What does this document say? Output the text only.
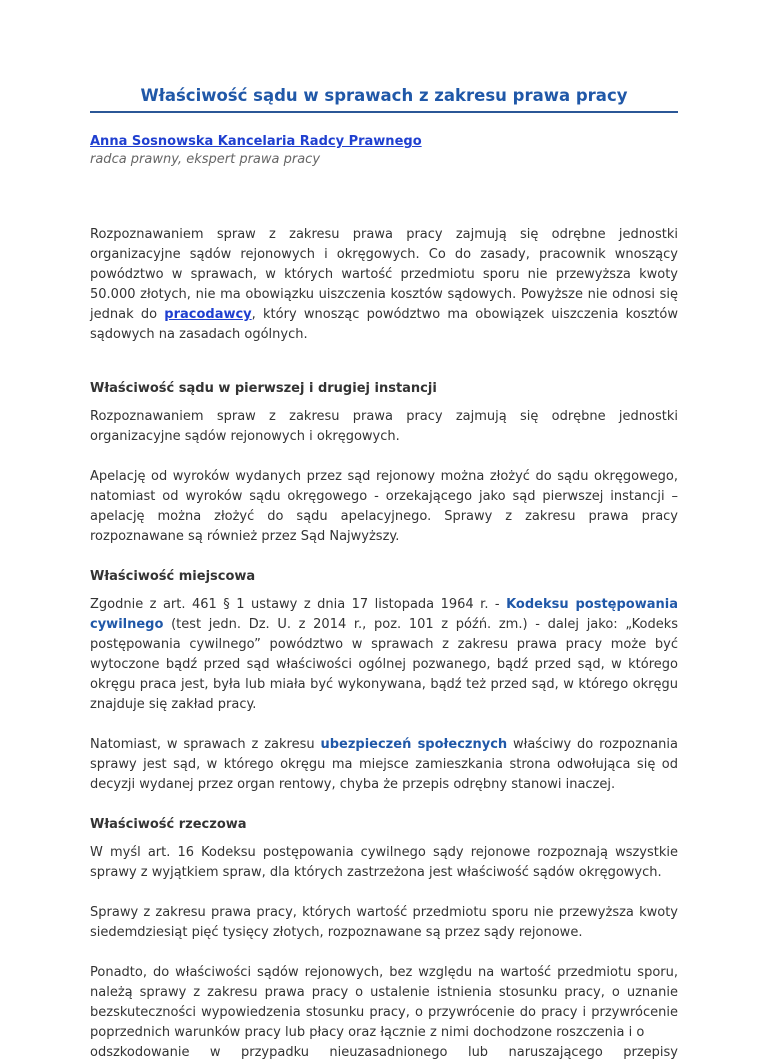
Właściwość sądu w sprawach z zakresu prawa pracy
Anna Sosnowska Kancelaria Radcy Prawnego
radca prawny, ekspert prawa pracy

Rozpoznawaniem spraw z zakresu prawa pracy zajmują się odrębne jednostki organizacyjne sądów rejonowych i okręgowych. Co do zasady, pracownik wnoszący powództwo w sprawach, w których wartość przedmiotu sporu nie przewyższa kwoty 50.000 złotych, nie ma obowiązku uiszczenia kosztów sądowych. Powyższe nie odnosi się jednak do pracodawcy, który wnosząc powództwo ma obowiązek uiszczenia kosztów sądowych na zasadach ogólnych.

Właściwość sądu w pierwszej i drugiej instancji

Rozpoznawaniem spraw z zakresu prawa pracy zajmują się odrębne jednostki organizacyjne sądów rejonowych i okręgowych.

Apelację od wyroków wydanych przez sąd rejonowy można złożyć do sądu okręgowego, natomiast od wyroków sądu okręgowego - orzekającego jako sąd pierwszej instancji – apelację można złożyć do sądu apelacyjnego. Sprawy z zakresu prawa pracy rozpoznawane są również przez Sąd Najwyższy.

Właściwość miejscowa

Zgodnie z art. 461 § 1 ustawy z dnia 17 listopada 1964 r. - Kodeksu postępowania cywilnego (test jedn. Dz. U. z 2014 r., poz. 101 z późń. zm.) - dalej jako: „Kodeks postępowania cywilnego” powództwo w sprawach z zakresu prawa pracy może być wytoczone bądź przed sąd właściwości ogólnej pozwanego, bądź przed sąd, w którego okręgu praca jest, była lub miała być wykonywana, bądź też przed sąd, w którego okręgu znajduje się zakład pracy.

Natomiast, w sprawach z zakresu ubezpieczeń społecznych właściwy do rozpoznania sprawy jest sąd, w którego okręgu ma miejsce zamieszkania strona odwołująca się od decyzji wydanej przez organ rentowy, chyba że przepis odrębny stanowi inaczej.

Właściwość rzeczowa

W myśl art. 16 Kodeksu postępowania cywilnego sądy rejonowe rozpoznają wszystkie sprawy z wyjątkiem spraw, dla których zastrzeżona jest właściwość sądów okręgowych.

Sprawy z zakresu prawa pracy, których wartość przedmiotu sporu nie przewyższa kwoty siedemdziesiąt pięć tysięcy złotych, rozpoznawane są przez sądy rejonowe.

Ponadto, do właściwości sądów rejonowych, bez względu na wartość przedmiotu sporu, należą sprawy z zakresu prawa pracy o ustalenie istnienia stosunku pracy, o uznanie bezskuteczności wypowiedzenia stosunku pracy, o przywrócenie do pracy i przywrócenie poprzednich warunków pracy lub płacy oraz łącznie z nimi dochodzone roszczenia i o

odszkodowanie w przypadku nieuzasadnionego lub naruszającego przepisy
